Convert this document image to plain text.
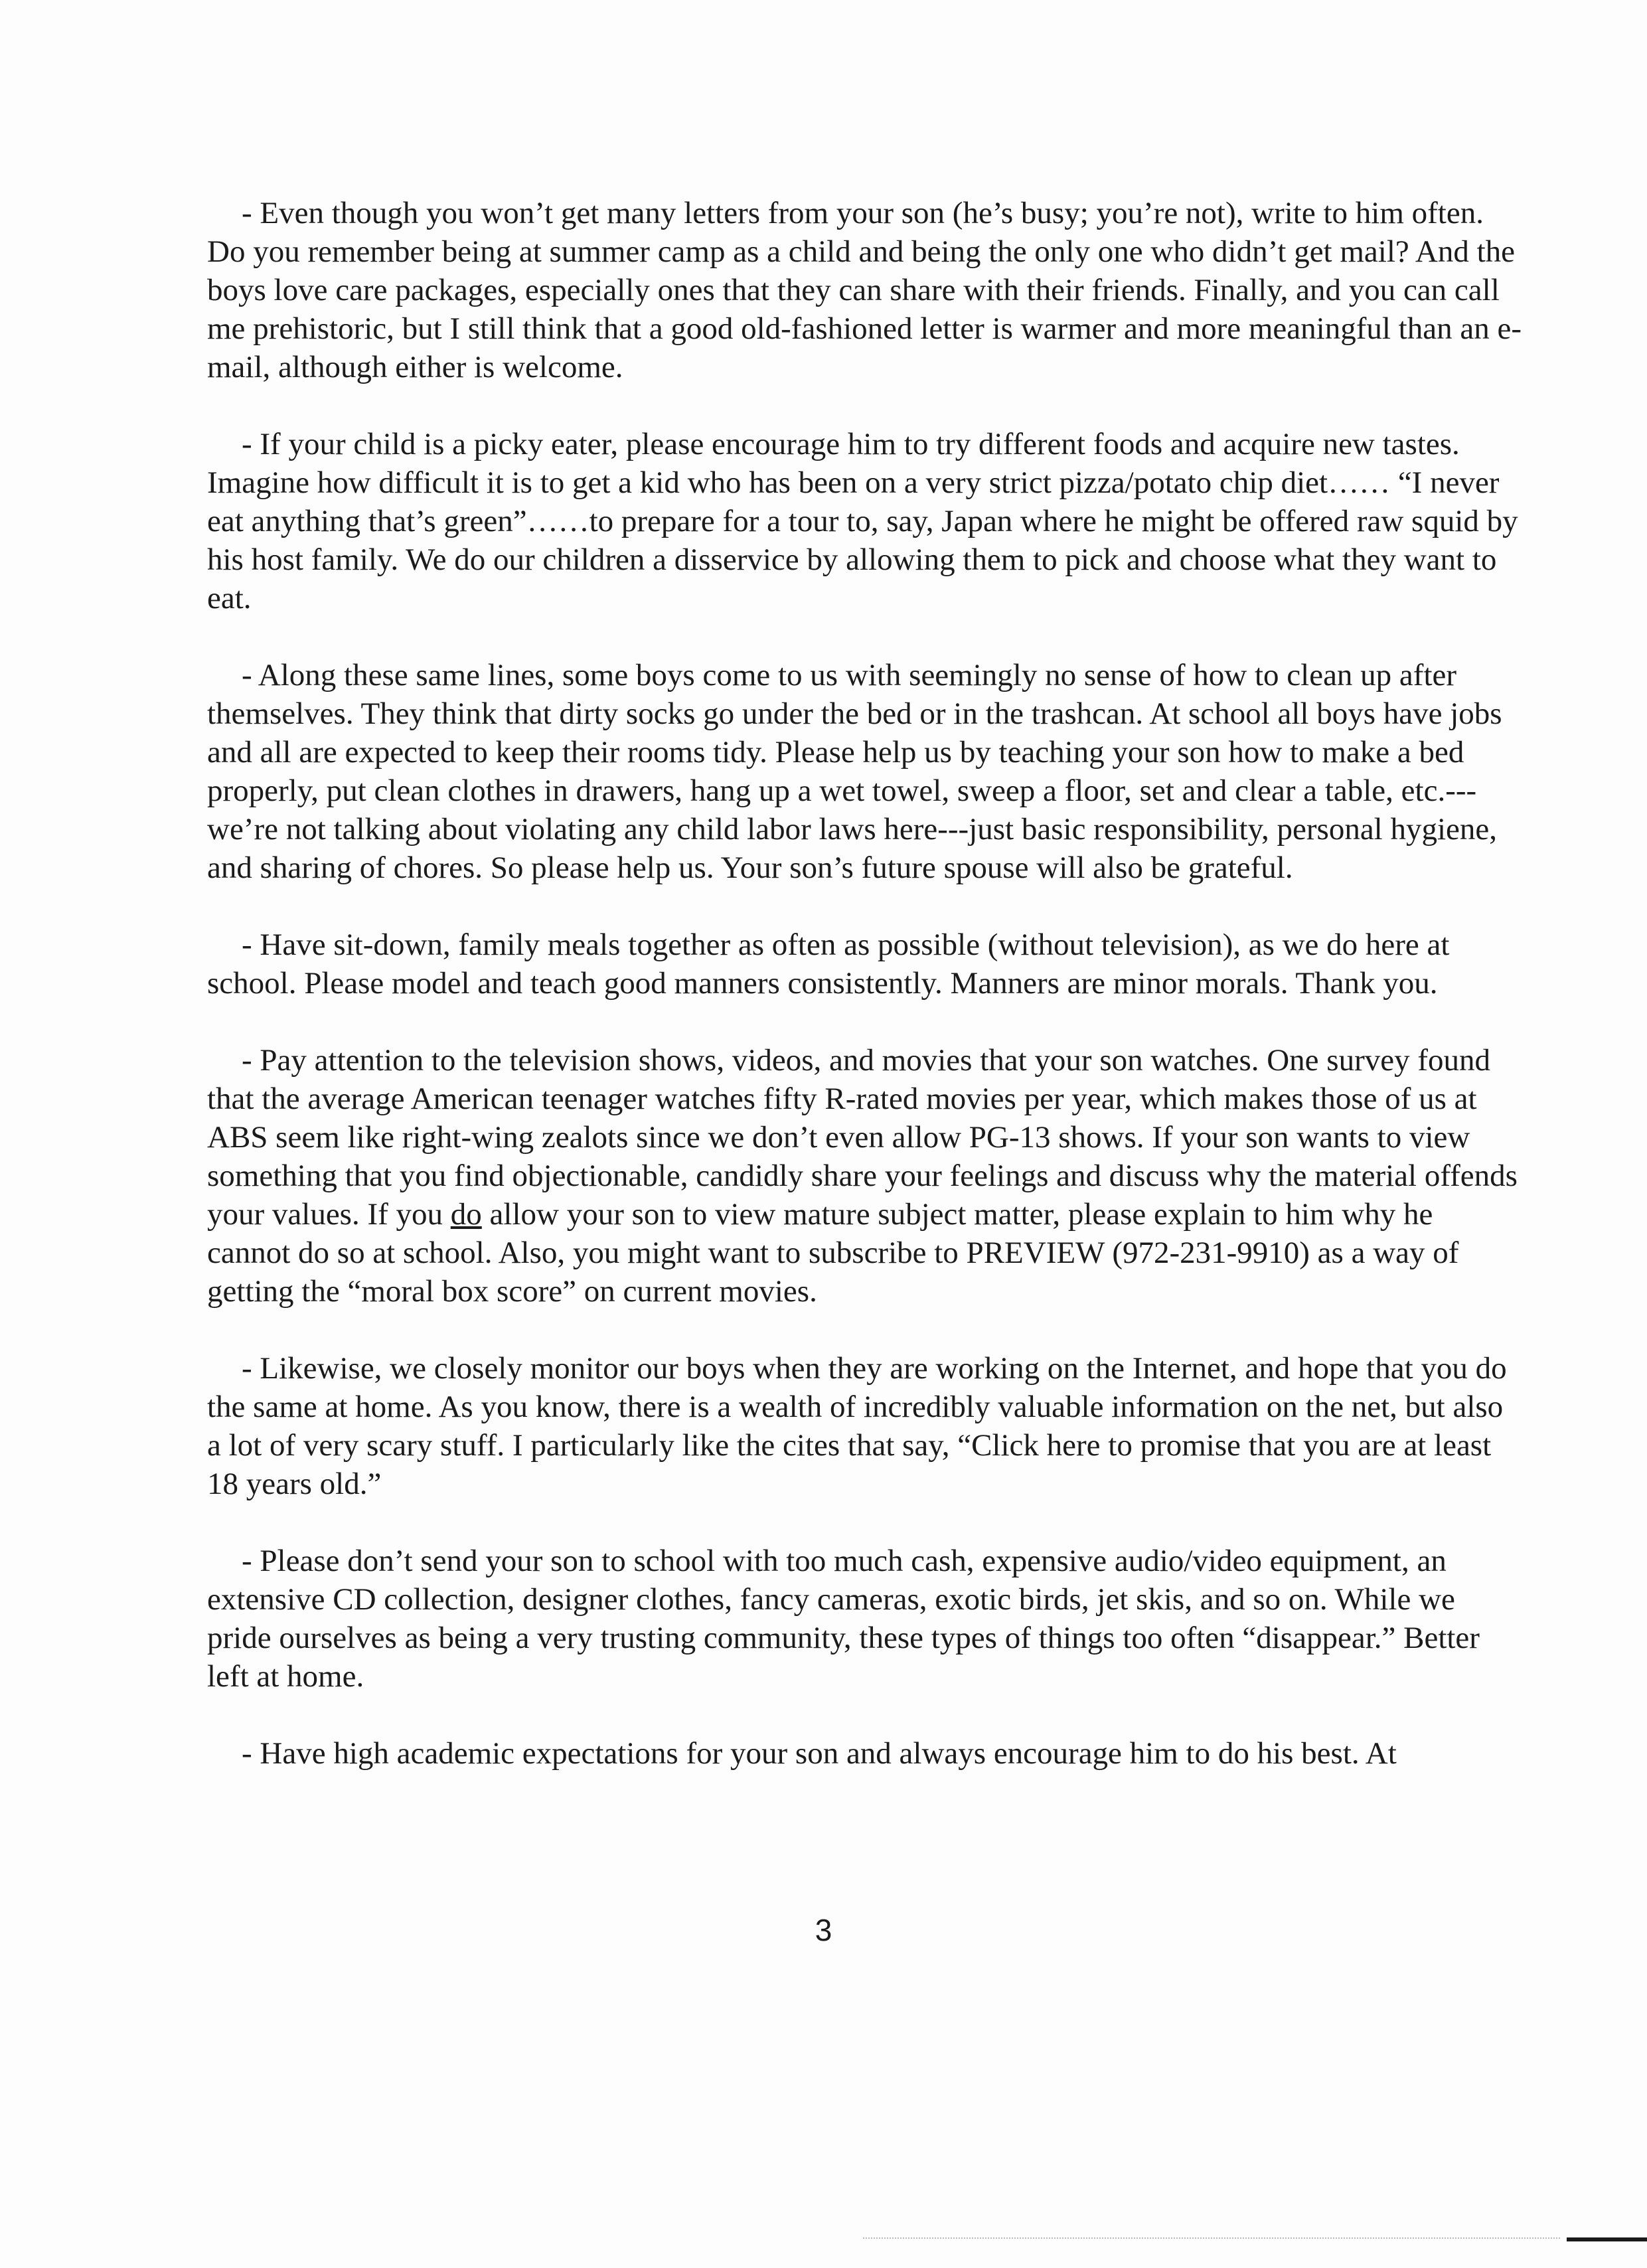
- Even though you won’t get many letters from your son (he’s busy; you’re not), write to him often. Do you remember being at summer camp as a child and being the only one who didn’t get mail? And the boys love care packages, especially ones that they can share with their friends. Finally, and you can call me prehistoric, but I still think that a good old-fashioned letter is warmer and more meaningful than an e-mail, although either is welcome.

- If your child is a picky eater, please encourage him to try different foods and acquire new tastes. Imagine how difficult it is to get a kid who has been on a very strict pizza/potato chip diet…… “I never eat anything that’s green”……to prepare for a tour to, say, Japan where he might be offered raw squid by his host family. We do our children a disservice by allowing them to pick and choose what they want to eat.

- Along these same lines, some boys come to us with seemingly no sense of how to clean up after themselves. They think that dirty socks go under the bed or in the trashcan. At school all boys have jobs and all are expected to keep their rooms tidy. Please help us by teaching your son how to make a bed properly, put clean clothes in drawers, hang up a wet towel, sweep a floor, set and clear a table, etc.---we’re not talking about violating any child labor laws here---just basic responsibility, personal hygiene, and sharing of chores. So please help us. Your son’s future spouse will also be grateful.

- Have sit-down, family meals together as often as possible (without television), as we do here at school. Please model and teach good manners consistently. Manners are minor morals. Thank you.

- Pay attention to the television shows, videos, and movies that your son watches. One survey found that the average American teenager watches fifty R-rated movies per year, which makes those of us at ABS seem like right-wing zealots since we don’t even allow PG-13 shows. If your son wants to view something that you find objectionable, candidly share your feelings and discuss why the material offends your values. If you do allow your son to view mature subject matter, please explain to him why he cannot do so at school. Also, you might want to subscribe to PREVIEW (972-231-9910) as a way of getting the “moral box score” on current movies.

- Likewise, we closely monitor our boys when they are working on the Internet, and hope that you do the same at home. As you know, there is a wealth of incredibly valuable information on the net, but also a lot of very scary stuff. I particularly like the cites that say, “Click here to promise that you are at least 18 years old.”

- Please don’t send your son to school with too much cash, expensive audio/video equipment, an extensive CD collection, designer clothes, fancy cameras, exotic birds, jet skis, and so on. While we pride ourselves as being a very trusting community, these types of things too often “disappear.” Better left at home.

- Have high academic expectations for your son and always encourage him to do his best. At

3
